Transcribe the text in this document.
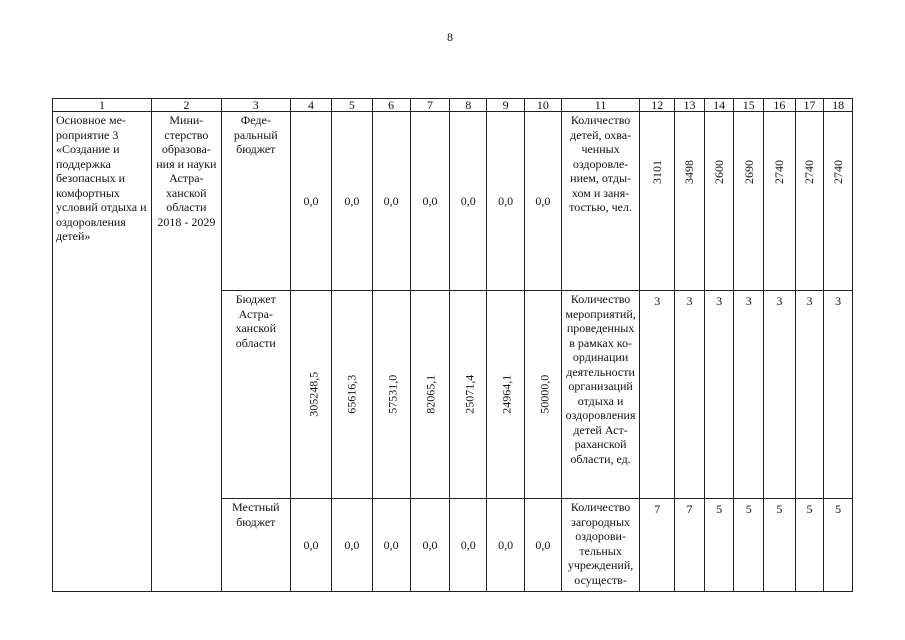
8
1	2	3	4	5	6	7	8	9	10	11	12	13	14	15	16	17	18
Основное мероприятие 3 «Создание и поддержка безопасных и комфортных условий отдыха и оздоровления детей»	Министерство образования и науки Астраханской области 2018 - 2029	Федеральный бюджет	0,0	0,0	0,0	0,0	0,0	0,0	0,0	Количество детей, охваченных оздоровлением, отдыхом и занятостью, чел.	3101	3498	2600	2690	2740	2740	2740

		Бюджет Астраханской области	305248,5	65616,3	57531,0	82065,1	25071,4	24964,1	50000,0	Количество мероприятий, проведенных в рамках координации деятельности организаций отдыха и оздоровления детей Астраханской области, ед.	3	3	3	3	3	3	3
		Местный бюджет	0,0	0,0	0,0	0,0	0,0	0,0	0,0	Количество загородных оздоровительных учреждений, осуществ-	7	7	5	5	5	5	5
